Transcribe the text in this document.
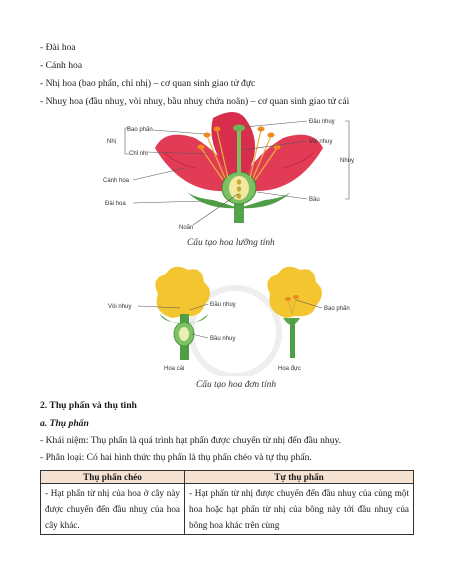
- Đài hoa
- Cánh hoa
- Nhị hoa (bao phấn, chỉ nhị) – cơ quan sinh giao tử đực
- Nhuỵ hoa (đầu nhuỵ, vòi nhuỵ, bầu nhuỵ chứa noãn) – cơ quan sinh giao tử cái
Bao phấn
Nhị
Chỉ nhị
Cánh hoa
Đài hoa
Noãn
Đầu nhuỵ
Vòi nhuỵ
Nhuỵ
Bầu
Cấu tạo hoa lưỡng tính
Vòi nhuỵ	Đầu nhuỵ
Bầu nhuỵ
Hoa cái
Bao phấn
Hoa đực
Cấu tạo hoa đơn tính
2. Thụ phấn và thụ tinh
a. Thụ phấn
- Khái niệm: Thụ phấn là quá trình hạt phấn được chuyển từ nhị đến đầu nhụy.
- Phân loại: Có hai hình thức thụ phấn là thụ phấn chéo và tự thụ phấn.
Thụ phấn chéo	Tự thụ phấn
- Hạt phấn từ nhị của hoa ở cây này được chuyển đến đầu nhuỵ của hoa cây khác.	- Hạt phấn từ nhị được chuyển đến đầu nhuỵ của cùng một hoa hoặc hạt phấn từ nhị của bông này tới đầu nhuỵ của bông hoa khác trên cùng
